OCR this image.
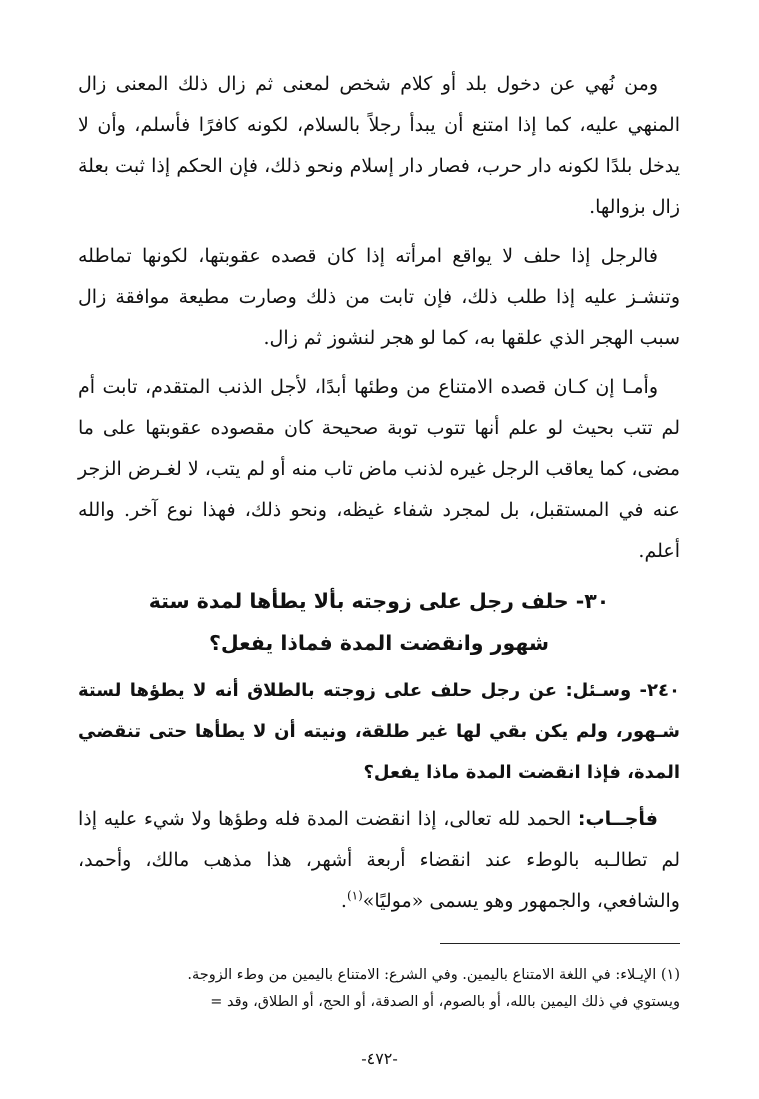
ومن نُهي عن دخول بلد أو كلام شخص لمعنى ثم زال ذلك المعنى زال المنهي عليه، كما إذا امتنع أن يبدأ رجلاً بالسلام، لكونه كافرًا فأسلم، وأن لا يدخل بلدًا لكونه دار حرب، فصار دار إسلام ونحو ذلك، فإن الحكم إذا ثبت بعلة زال بزوالها.

فالرجل إذا حلف لا يواقع امرأته إذا كان قصده عقوبتها، لكونها تماطله وتنشـز عليه إذا طلب ذلك، فإن تابت من ذلك وصارت مطيعة موافقة زال سبب الهجر الذي علقها به، كما لو هجر لنشوز ثم زال.

وأمـا إن كـان قصده الامتناع من وطئها أبدًا، لأجل الذنب المتقدم، تابت أم لم تتب بحيث لو علم أنها تتوب توبة صحيحة كان مقصوده عقوبتها على ما مضى، كما يعاقب الرجل غيره لذنب ماض تاب منه أو لم يتب، لا لغـرض الزجر عنه في المستقبل، بل لمجرد شفاء غيظه، ونحو ذلك، فهذا نوع آخر. والله أعلم.

٣٠- حلف رجل على زوجته بألا يطأها لمدة ستة
شهور وانقضت المدة فماذا يفعل؟

٢٤٠- وسـئل: عن رجل حلف على زوجته بالطلاق أنه لا يطؤها لستة شـهور، ولم يكن بقي لها غير طلقة، ونيته أن لا يطأها حتى تنقضي المدة، فإذا انقضت المدة ماذا يفعل؟

فأجــاب: الحمد لله تعالى، إذا انقضت المدة فله وطؤها ولا شيء عليه إذا لم تطالـبه بالوطء عند انقضاء أربعة أشهر، هذا مذهب مالك، وأحمد، والشافعي، والجمهور وهو يسمى «موليًا»$^{(١)}$.

(١) الإيـلاء: في اللغة الامتناع باليمين. وفي الشرع: الامتناع باليمين من وطء الزوجة.

ويستوي في ذلك اليمين بالله، أو بالصوم، أو الصدقة، أو الحج، أو الطلاق، وقد =

-٤٧٢-
